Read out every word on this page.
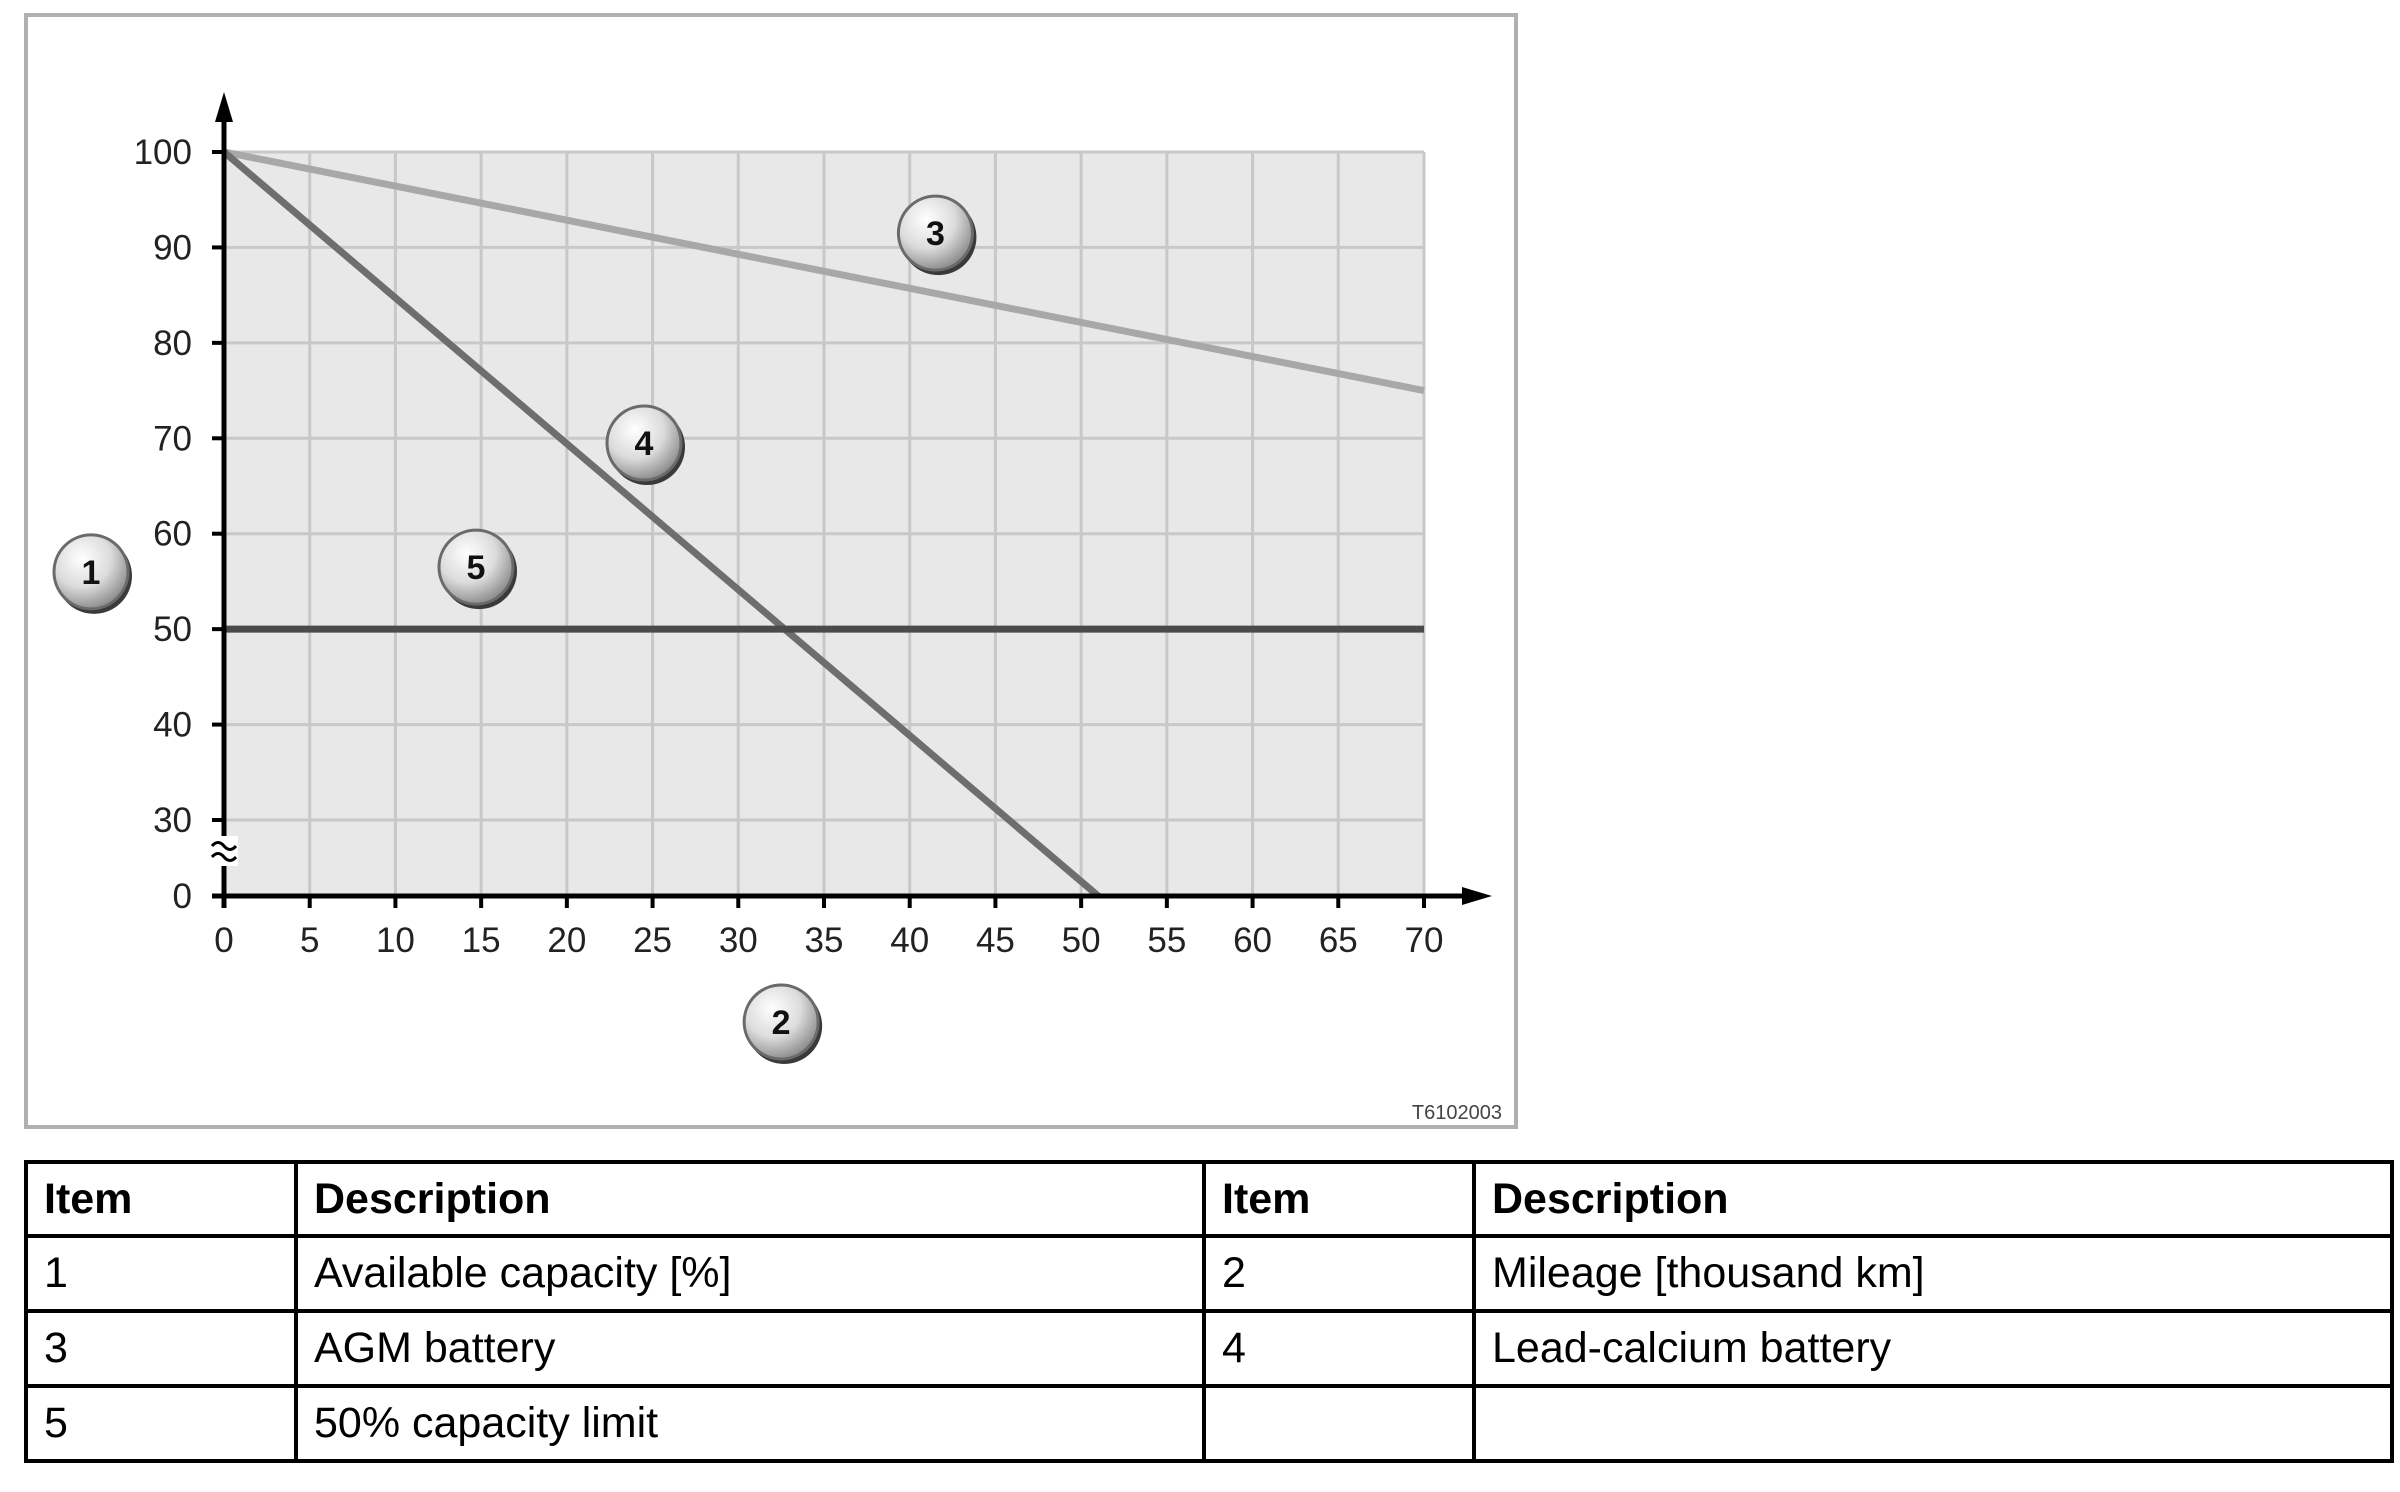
0
30
40
50
60
70
80
90
100
0 5 10 15 20 25 30 35 40 45 50 55 60 65 70
1
2
3
4
5
T6102003
Item	Description	Item	Description
1	Available capacity [%]	2	Mileage [thousand km]
3	AGM battery	4	Lead-calcium battery
5	50% capacity limit		
